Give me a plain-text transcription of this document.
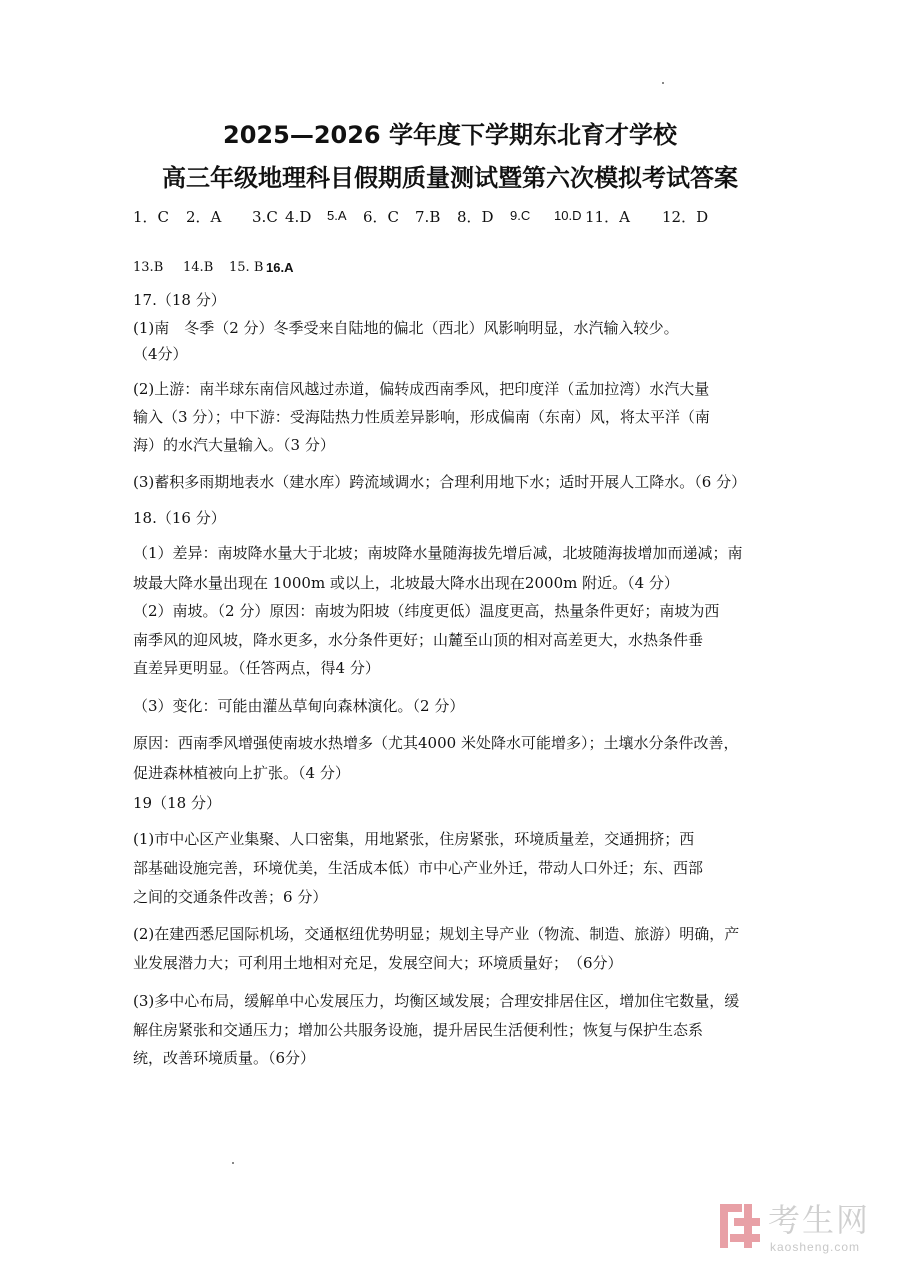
2025—2026 学年度下学期东北育才学校
高三年级地理科目假期质量测试暨第六次模拟考试答案
1．C 2．A 3.C 4.D 5.A 6．C 7.B 8．D 9.C 10.D 11．A 12．D
13.B 14.B 15. B 16.A

17.（18 分）

(1)南　冬季（2 分）冬季受来自陆地的偏北（西北）风影响明显，水汽输入较少。

（4分）

(2)上游：南半球东南信风越过赤道，偏转成西南季风，把印度洋（孟加拉湾）水汽大量

输入（3 分）；中下游：受海陆热力性质差异影响，形成偏南（东南）风，将太平洋（南

海）的水汽大量输入。（3 分）

(3)蓄积多雨期地表水（建水库）跨流域调水；合理利用地下水；适时开展人工降水。（6 分）

18.（16 分）

（1）差异：南坡降水量大于北坡；南坡降水量随海拔先增后减，北坡随海拔增加而递减；南

坡最大降水量出现在 1000m 或以上，北坡最大降水出现在2000m 附近。（4 分）

（2）南坡。（2 分）原因：南坡为阳坡（纬度更低）温度更高，热量条件更好；南坡为西

南季风的迎风坡，降水更多，水分条件更好；山麓至山顶的相对高差更大，水热条件垂

直差异更明显。（任答两点，得4 分）

（3）变化：可能由灌丛草甸向森林演化。（2 分）

原因：西南季风增强使南坡水热增多（尤其4000 米处降水可能增多）；土壤水分条件改善，

促进森林植被向上扩张。（4 分）

19（18 分）

(1)市中心区产业集聚、人口密集，用地紧张，住房紧张，环境质量差，交通拥挤；西

部基础设施完善，环境优美，生活成本低）市中心产业外迁，带动人口外迁；东、西部

之间的交通条件改善；6 分）

(2)在建西悉尼国际机场，交通枢纽优势明显；规划主导产业（物流、制造、旅游）明确，产

业发展潜力大；可利用土地相对充足，发展空间大；环境质量好；　（6分）

(3)多中心布局，缓解单中心发展压力，均衡区域发展；合理安排居住区，增加住宅数量，缓

解住房紧张和交通压力；增加公共服务设施，提升居民生活便利性；恢复与保护生态系

统，改善环境质量。（6分）

考生网
kaosheng.com
